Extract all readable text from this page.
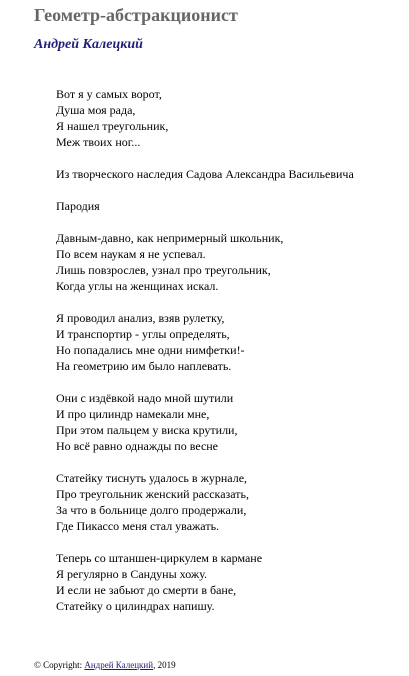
Геометр-абстракционист
Андрей Калецкий
Вот я у самых ворот,
Душа моя рада,
Я нашел треугольник,
Меж твоих ног...
Из творческого наследия Садова Александра Васильевича
Пародия
Давным-давно, как непримерный школьник,
По всем наукам я не успевал.
Лишь повзрослев, узнал про треугольник,
Когда углы на женщинах искал.
Я проводил анализ, взяв рулетку,
И транспортир - углы определять,
Но попадались мне одни нимфетки!-
На геометрию им было наплевать.
Они с издёвкой надо мной шутили
И про цилиндр намекали мне,
При этом пальцем у виска крутили,
Но всё равно однажды по весне
Статейку тиснуть удалось в журнале,
Про треугольник женский рассказать,
За что в больнице долго продержали,
Где Пикассо меня стал уважать.
Теперь со штаншен-циркулем в кармане
Я регулярно в Сандуны хожу.
И если не забьют до смерти в бане,
Статейку о цилиндрах напишу.
© Copyright: Андрей Калецкий, 2019
